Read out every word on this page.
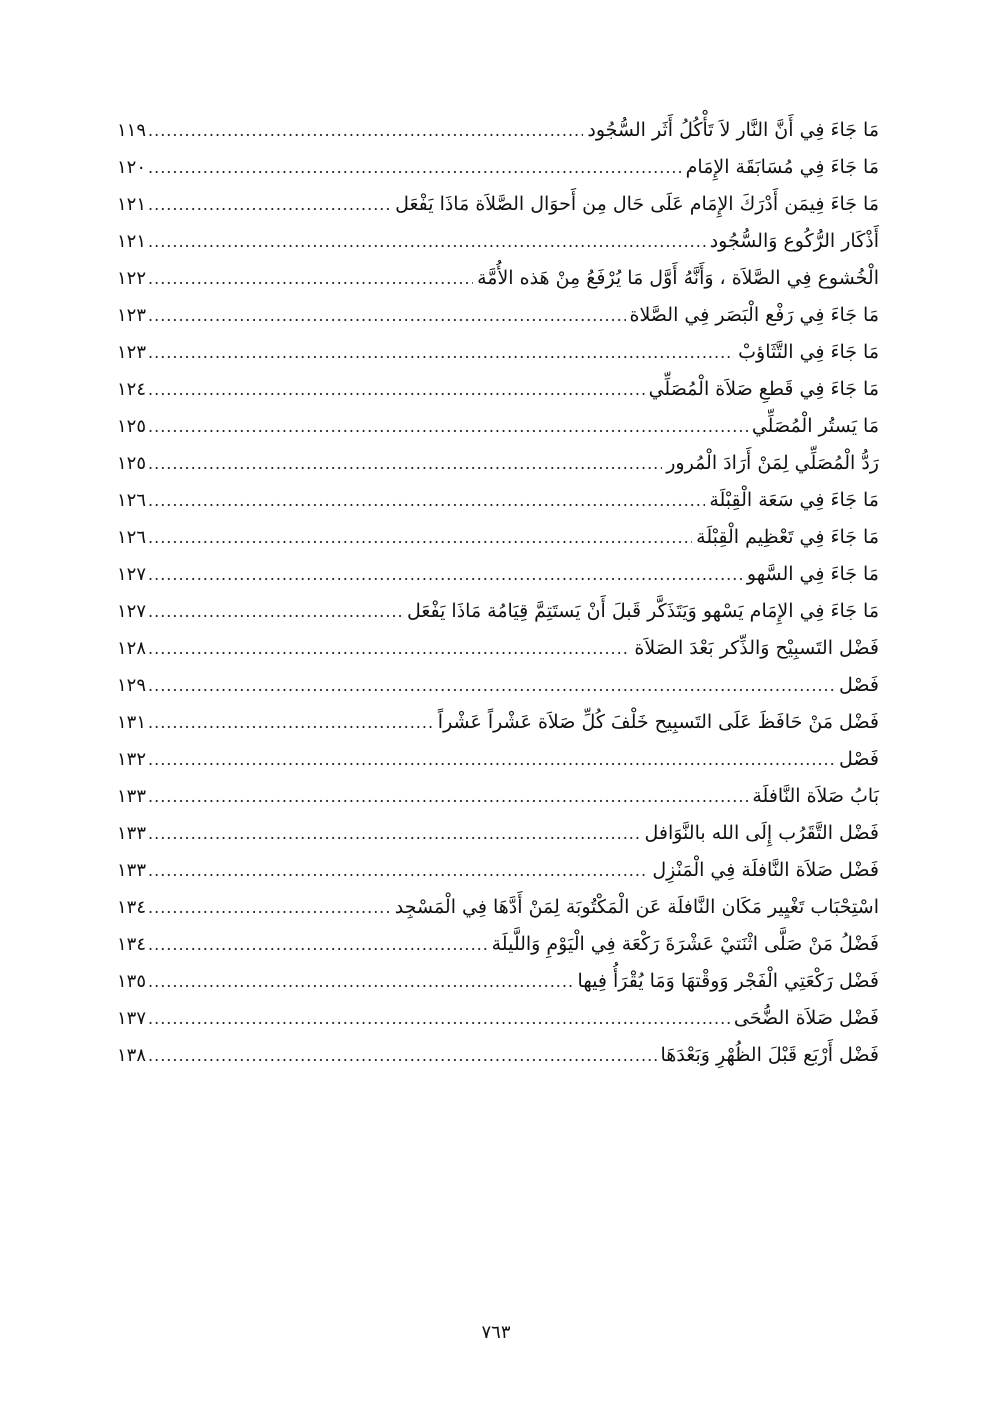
مَا جَاءَ فِي أَنَّ النَّار لاَ تَأْكُلُ أَثَر السُّجُود
.....
١١٩
مَا جَاءَ فِي مُسَابَقَة الإِمَام
.....
١٢٠
مَا جَاءَ فِيمَن أَدْرَكَ الإِمَام عَلَى حَال مِن أَحوَال الصَّلاَة مَاذَا يَفْعَل
.....
١٢١
أَذْكَار الرُّكُوع وَالسُّجُود
.....
١٢١
الْخُشوع فِي الصَّلاَة ، وَأَنَّهُ أَوَّل مَا يُرْفَعُ مِنْ هَذه الأُمَّة
.....
١٢٢
مَا جَاءَ فِي رَفْع الْبَصَر فِي الصَّلاة
.....
١٢٣
مَا جَاءَ فِي التَّثَاؤبْ
.....
١٢٣
مَا جَاءَ فِي قَطعِ صَلاَة الْمُصَلِّي
.....
١٢٤
مَا يَستُر الْمُصَلِّي
.....
١٢٥
رَدُّ الْمُصَلِّي لِمَنْ أَرَادَ الْمُرور
.....
١٢٥
مَا جَاءَ فِي سَعَة الْقِبْلَة
.....
١٢٦
مَا جَاءَ فِي تَعْظِيم الْقِبْلَة
.....
١٢٦
مَا جَاءَ فِي السَّهو
.....
١٢٧
مَا جَاءَ فِي الإِمَام يَسْهو وَيَتَذَكَّر قَبلَ أَنْ يَستَتِمَّ قِيَامُة مَاذَا يَفْعَل
.....
١٢٧
فَضْل التَسبِيْح وَالذِّكر بَعْدَ الصَلاَة
.....
١٢٨
فَصْل
.....
١٢٩
فَضْل مَنْ حَافَظَ عَلَى التَسبِيح خَلْفَ كُلِّ صَلاَة عَشْراً عَشْراً
.....
١٣١
فَصْل
.....
١٣٢
بَابُ صَلاَة النَّافلَة
.....
١٣٣
فَضْل التَّقَرُب إِلَى الله بالنَّوَافل
.....
١٣٣
فَضْل صَلاَة النَّافلَة فِي الْمَنْزِل
.....
١٣٣
اسْتِحْبَاب تَغْيِير مَكَان النَّافلَة عَن الْمَكْتُوبَة لِمَنْ أَدَّهَا فِي الْمَسْجِد
.....
١٣٤
فَضْلُ مَنْ صَلَّى اثْنَتيْ عَشْرَةَ رَكْعَة فِي الْيَوْمِ وَاللَّيلَة
.....
١٣٤
فَضْل رَكْعَتِي الْفَجْر وَوقْتهَا وَمَا يُقْرَأُ فِيها
.....
١٣٥
فَضْل صَلاَة الضُّحَى
.....
١٣٧
فَضْل أَرْبَع قَبْلَ الظُهْرِ وَبَعْدَهَا
.....
١٣٨
٧٦٣
